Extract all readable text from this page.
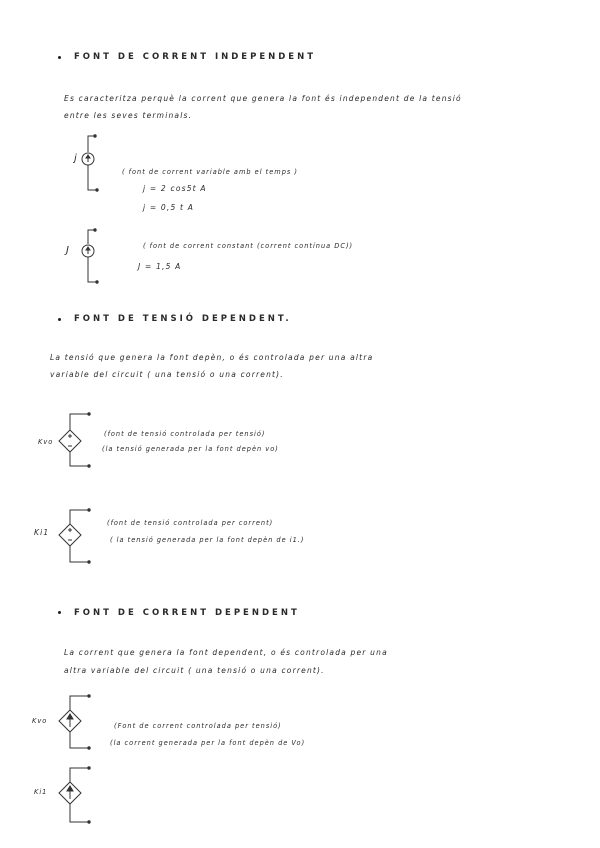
FONT DE CORRENT INDEPENDENT
Es caracteritza perquè la corrent que genera la font és independent de la tensió
entre les seves terminals.
j
( font de corrent variable amb el temps )
j = 2 cos5t A
j = 0,5 t A
J	( font de corrent constant (corrent contínua DC))
J = 1,5 A
FONT DE TENSIÓ DEPENDENT.
La tensió que genera la font depèn, o és controlada per una altra
variable del circuit ( una tensió o una corrent).
Kvo
(font de tensió controlada per tensió)
(la tensió generada per la font depèn vo)
Ki1
(font de tensió controlada per corrent)
( la tensió generada per la font depèn de i1.)
FONT DE CORRENT DEPENDENT
La corrent que genera la font dependent, o és controlada per una
altra variable del circuit ( una tensió o una corrent).
Kvo
(Font de corrent controlada per tensió)
(la corrent generada per la font depèn de Vo)
Ki1
